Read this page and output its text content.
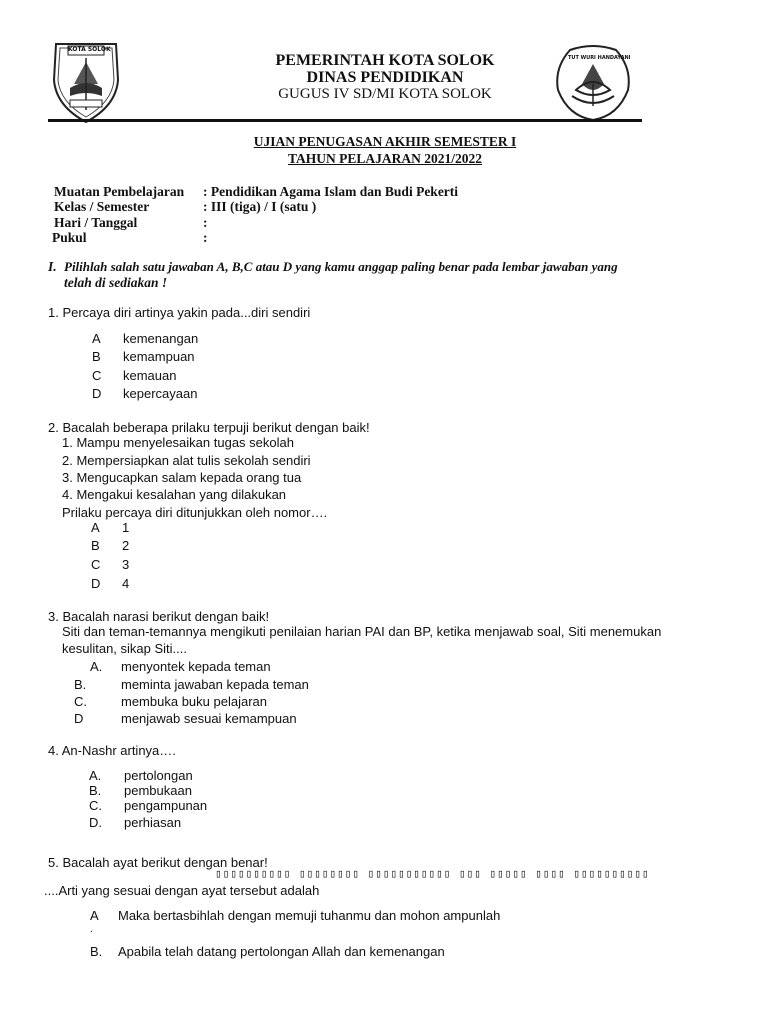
KOTA SOLOK
TUT WURI HANDAYANI
PEMERINTAH KOTA SOLOK
DINAS PENDIDIKAN
GUGUS IV SD/MI KOTA SOLOK
UJIAN PENUGASAN AKHIR SEMESTER I
TAHUN PELAJARAN 2021/2022
Muatan Pembelajaran : Pendidikan Agama Islam dan Budi Pekerti
Kelas / Semester	: III (tiga) / I (satu )
Hari / Tanggal	:
Pukul	:
I. Pilihlah salah satu jawaban A, B,C atau D yang kamu anggap paling benar pada lembar jawaban yang
telah di sediakan !
1. Percaya diri artinya yakin pada...diri sendiri
A kemenangan
B kemampuan
C kemauan
D kepercayaan
2. Bacalah beberapa prilaku terpuji berikut dengan baik!
1. Mampu menyelesaikan tugas sekolah
2. Mempersiapkan alat tulis sekolah sendiri
3. Mengucapkan salam kepada orang tua
4. Mengakui kesalahan yang dilakukan
Prilaku percaya diri ditunjukkan oleh nomor….
A 1
B 2
C 3
D 4
3. Bacalah narasi berikut dengan baik!
Siti dan teman-temannya mengikuti penilaian harian PAI dan BP, ketika menjawab soal, Siti menemukan
kesulitan, sikap Siti....
A. menyontek kepada teman
B.	meminta jawaban kepada teman
C.	membuka buku pelajaran
D	menjawab sesuai kemampuan
4. An-Nashr artinya….
A. pertolongan
B. pembukaan
C. pengampunan
D. perhiasan
5. Bacalah ayat berikut dengan benar!
▯▯▯▯▯▯▯▯▯▯ ▯▯▯▯▯▯▯▯ ▯▯▯▯▯▯▯▯▯▯▯ ▯▯▯ ▯▯▯▯▯ ▯▯▯▯ ▯▯▯▯▯▯▯▯▯▯
....Arti yang sesuai dengan ayat tersebut adalah
A Maka bertasbihlah dengan memuji tuhanmu dan mohon ampunlah
.
B. Apabila telah datang pertolongan Allah dan kemenangan
